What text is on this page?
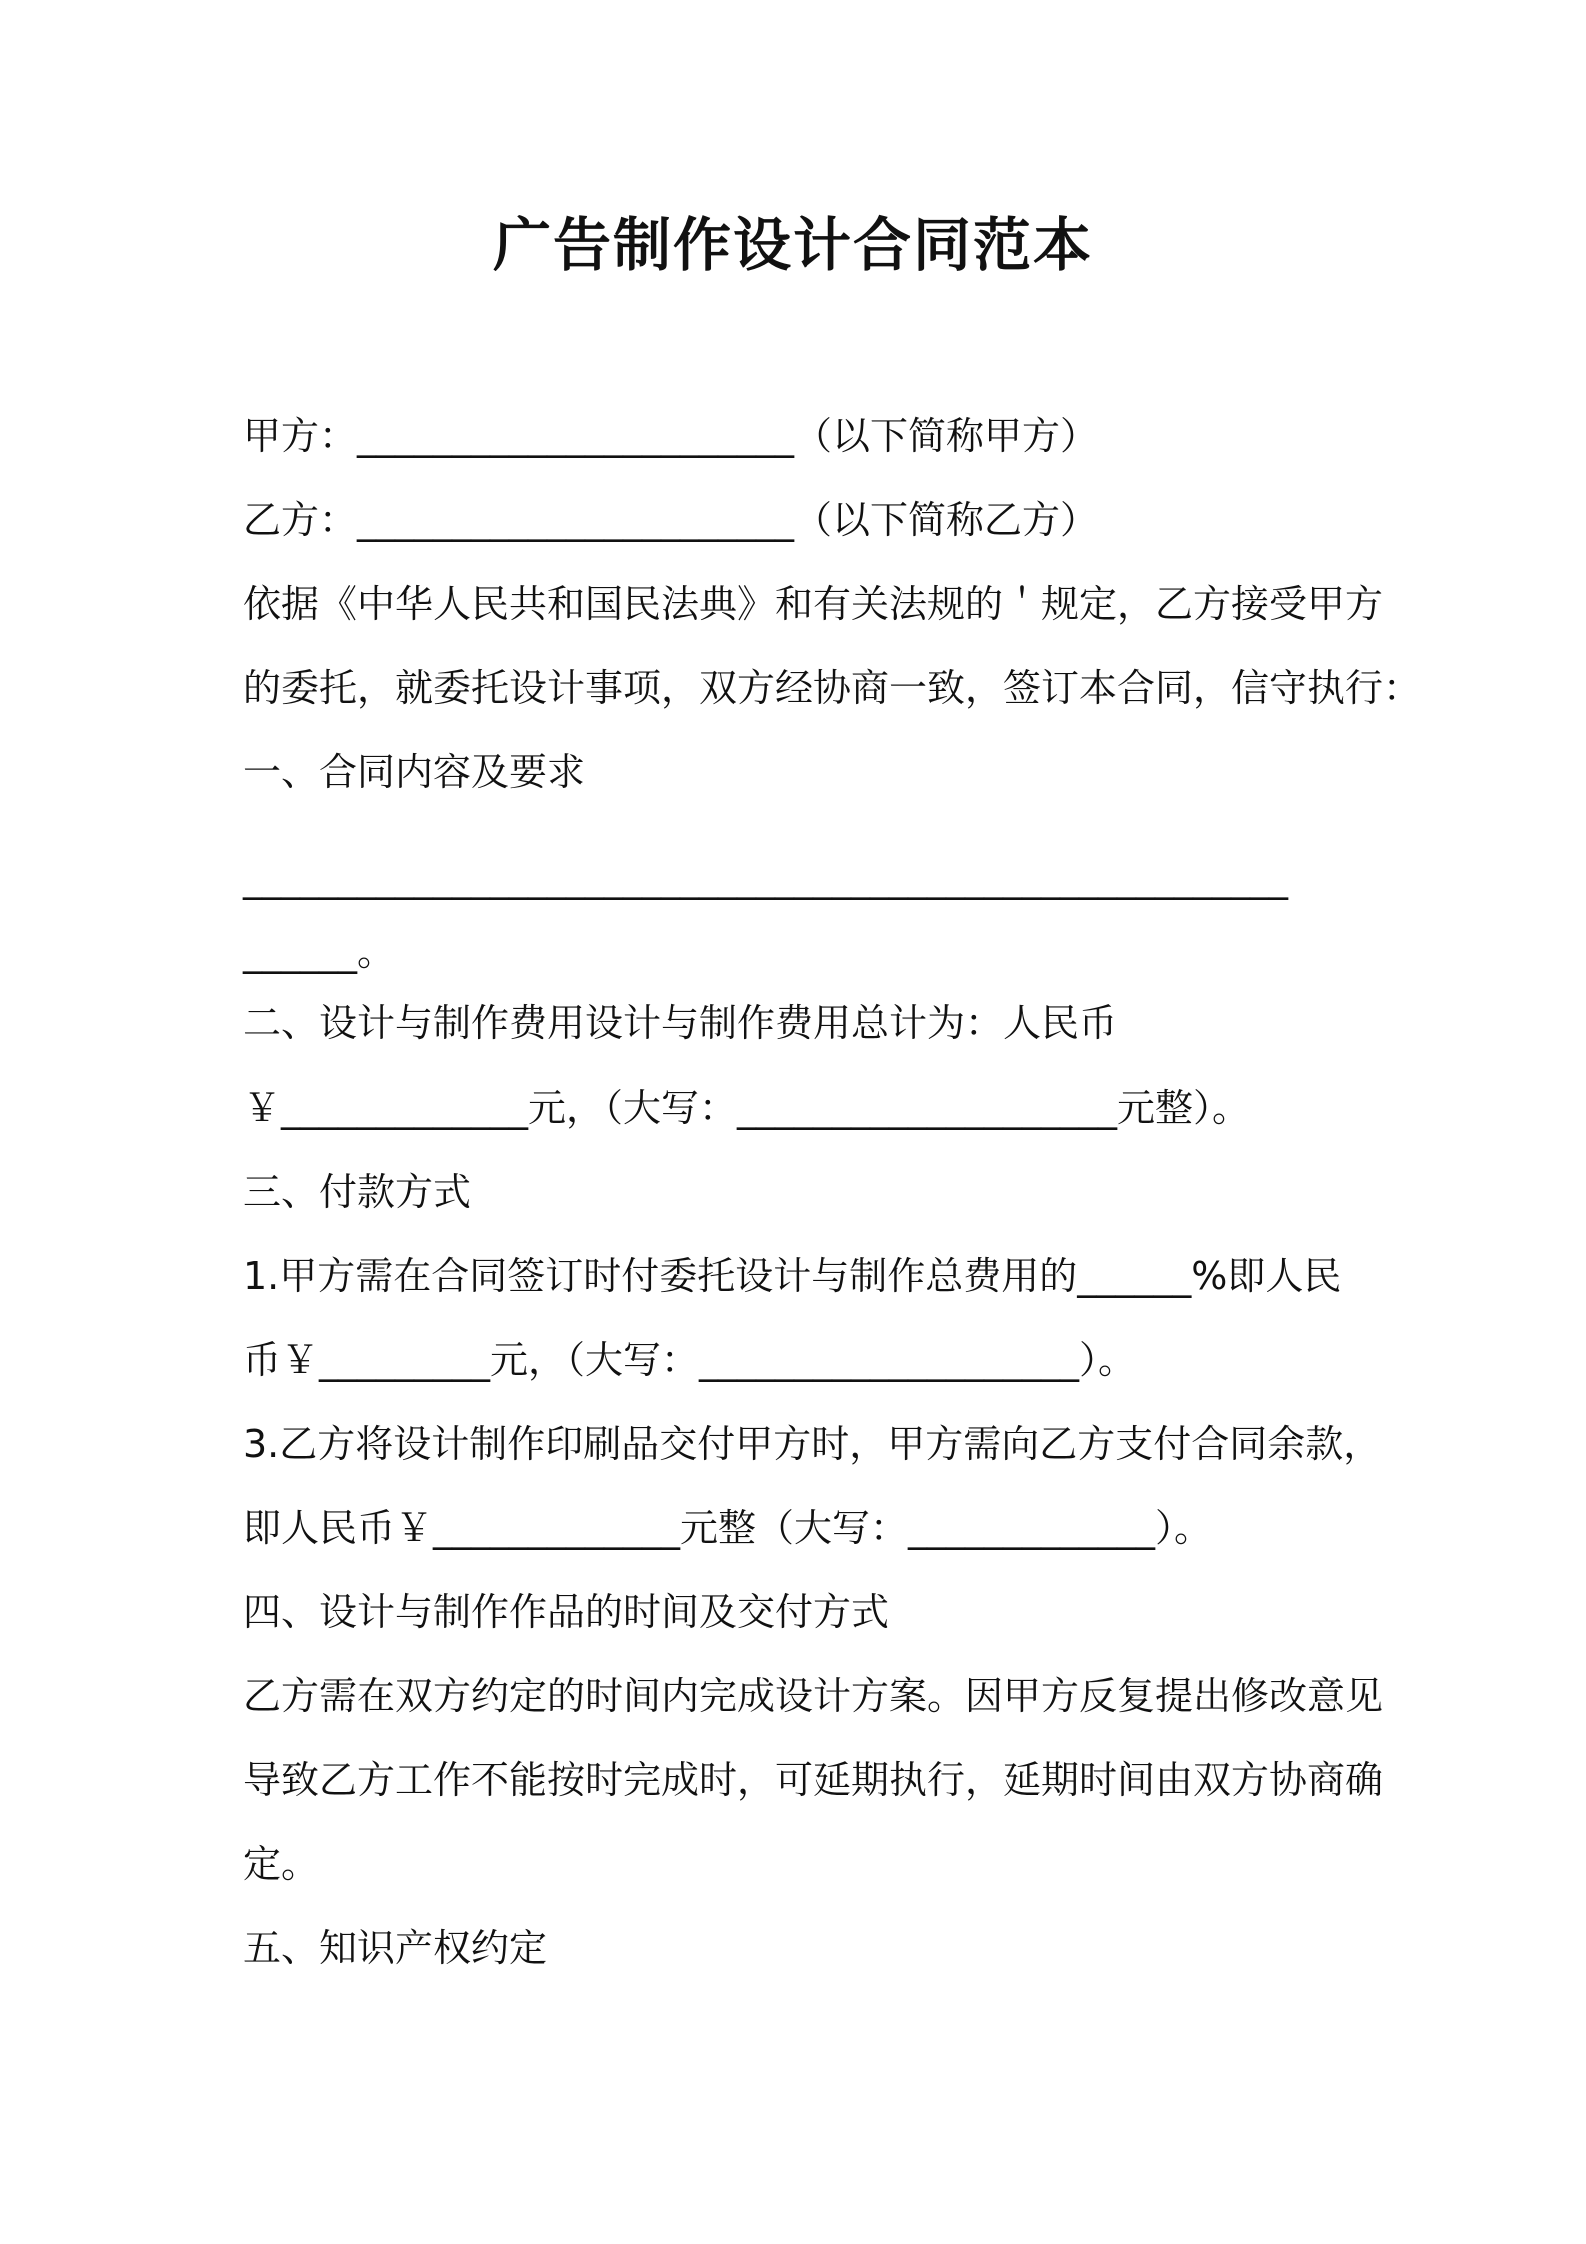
广告制作设计合同范本
甲方：_______________________（以下简称甲方）
乙方：_______________________（以下简称乙方）
依据《中华人民共和国民法典》和有关法规的＇规定，乙方接受甲方
的委托，就委托设计事项，双方经协商一致，签订本合同，信守执行：
一、合同内容及要求
_______________________________________________________
______。
二、设计与制作费用设计与制作费用总计为：人民币
￥_____________元，（大写：____________________元整）。
三、付款方式
1.甲方需在合同签订时付委托设计与制作总费用的______%即人民
币￥_________元，（大写：____________________）。
3.乙方将设计制作印刷品交付甲方时，甲方需向乙方支付合同余款，
即人民币￥_____________元整（大写：_____________）。
四、设计与制作作品的时间及交付方式
乙方需在双方约定的时间内完成设计方案。因甲方反复提出修改意见
导致乙方工作不能按时完成时，可延期执行，延期时间由双方协商确
定。
五、知识产权约定
